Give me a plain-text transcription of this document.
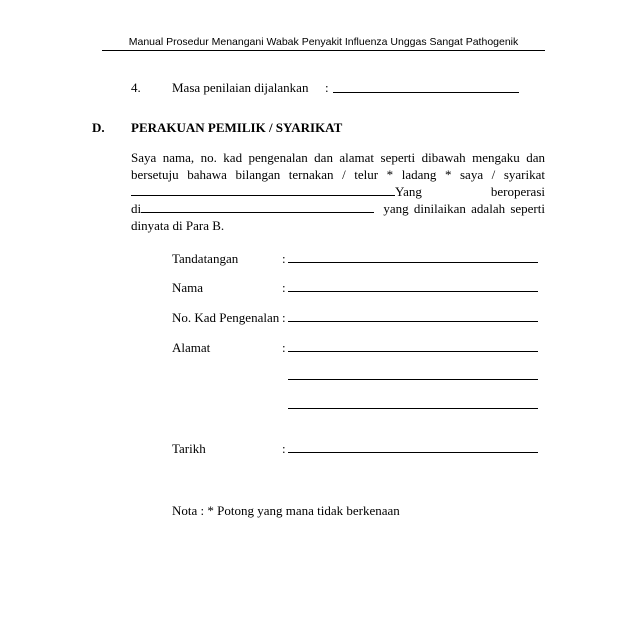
Manual Prosedur Menangani Wabak Penyakit Influenza Unggas Sangat Pathogenik
4. Masa penilaian dijalankan :
D. PERAKUAN PEMILIK / SYARIKAT
Saya nama, no. kad pengenalan dan alamat seperti dibawah mengaku dan
bersetuju bahawa bilangan ternakan / telur * ladang * saya / syarikat
Yang	beroperasi
di	yang dinilaikan adalah seperti
dinyata di Para B.
Tandatangan	:
Nama	:
No. Kad Pengenalan :
Alamat	:
Tarikh	:
Nota : * Potong yang mana tidak berkenaan
